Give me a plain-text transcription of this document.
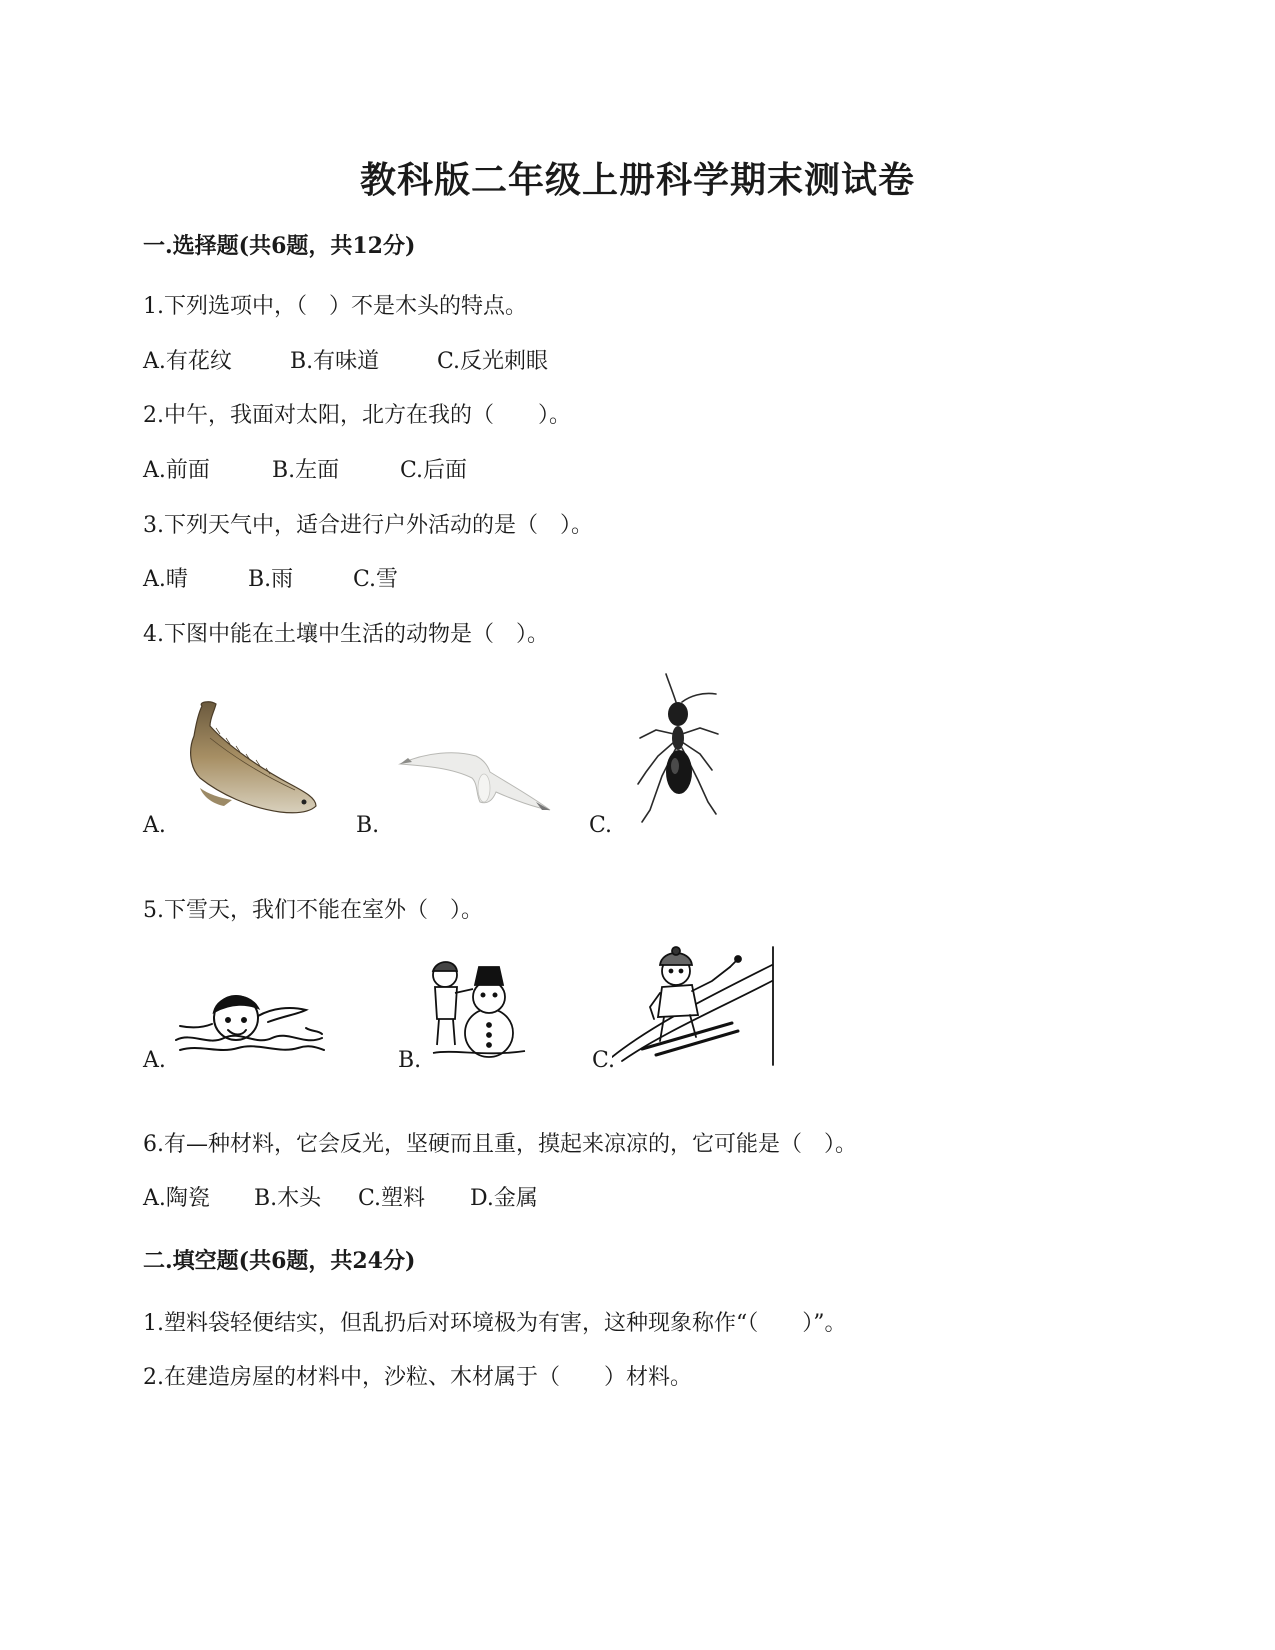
教科版二年级上册科学期末测试卷
一.选择题(共6题，共12分)
1.下列选项中，（　）不是木头的特点。
A.有花纹	B.有味道	C.反光刺眼
2.中午，我面对太阳，北方在我的（　　）。
A.前面	B.左面	C.后面
3.下列天气中，适合进行户外活动的是（　）。
A.晴	B.雨	C.雪
4.下图中能在土壤中生活的动物是（　）。
A.	B.	C.
5.下雪天，我们不能在室外（　）。
A.	B.	C.
6.有—种材料，它会反光，坚硬而且重，摸起来凉凉的，它可能是（　）。
A.陶瓷 B.木头 C.塑料 D.金属
二.填空题(共6题，共24分)
1.塑料袋轻便结实，但乱扔后对环境极为有害，这种现象称作“（　　）”。
2.在建造房屋的材料中，沙粒、木材属于（　　）材料。
